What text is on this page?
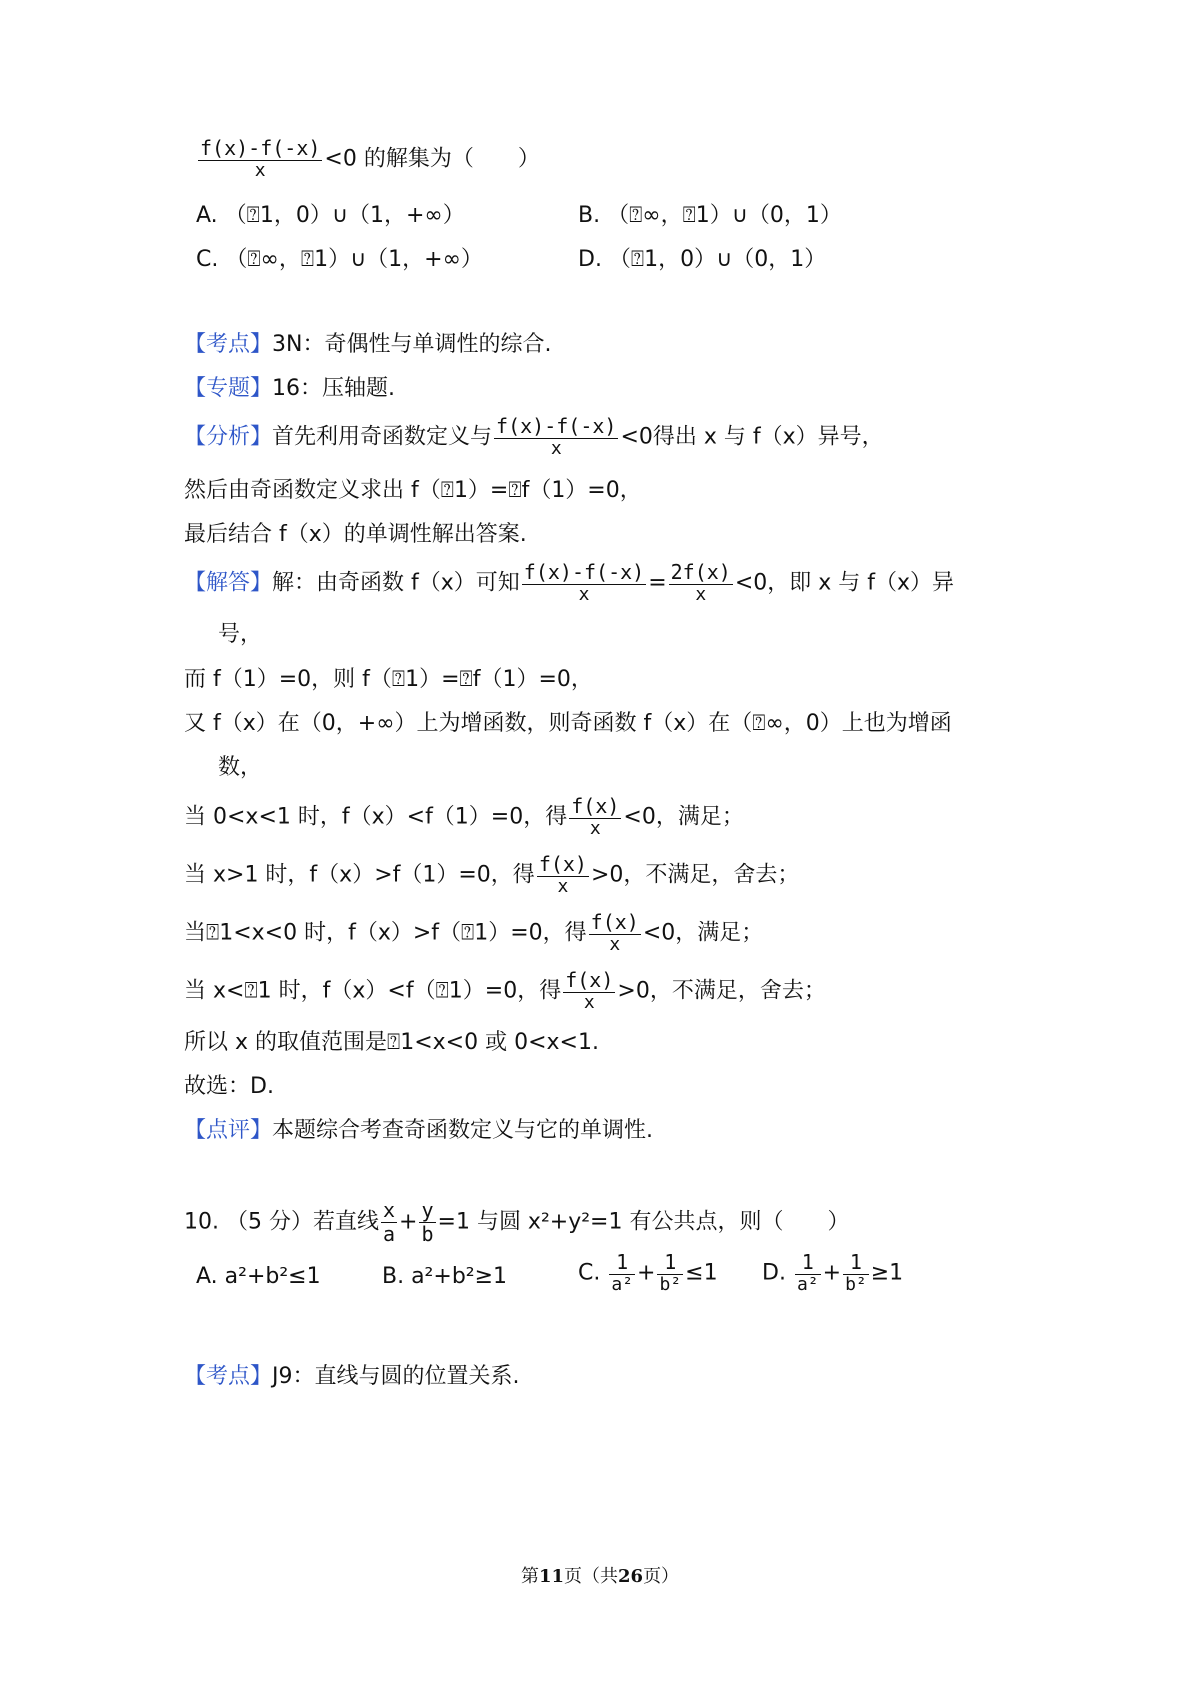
$\frac{f(x)-f(-x)}{x} <0$ 的解集为（　　）
A. （⍰1，0）∪（1，+∞）	B. （⍰∞，⍰1）∪（0，1）
C. （⍰∞，⍰1）∪（1，+∞）	D. （⍰1，0）∪（0，1）
【考点】3N：奇偶性与单调性的综合.
【专题】16：压轴题.
【分析】首先利用奇函数定义与 $\frac{f(x)-f(-x)}{x} <0$得出 x 与 f（x）异号，
然后由奇函数定义求出 f（⍰1）=⍰f（1）=0，
最后结合 f（x）的单调性解出答案.
【解答】解：由奇函数 f（x）可知 $\frac{f(x)-f(-x)}{x} = \frac{2f(x)}{x} <0$，即 x 与 f（x）异
号，
而 f（1）=0，则 f（⍰1）=⍰f（1）=0，
又 f（x）在（0，+∞）上为增函数，则奇函数 f（x）在（⍰∞，0）上也为增函
数，
当 0<x<1 时，f（x）<f（1）=0，得 $\frac{f(x)}{x} <0$，满足；
当 x>1 时，f（x）>f（1）=0，得 $\frac{f(x)}{x} >0$，不满足，舍去；
当⍰1<x<0 时，f（x）>f（⍰1）=0，得 $\frac{f(x)}{x} <0$，满足；
当 x<⍰1 时，f（x）<f（⍰1）=0，得 $\frac{f(x)}{x} >0$，不满足，舍去；
所以 x 的取值范围是⍰1<x<0 或 0<x<1.
故选：D.
【点评】本题综合考查奇函数定义与它的单调性.
10. （5 分）若直线 $\frac{x}{a} + \frac{y}{b} =1$ 与圆 x²+y²=1 有公共点，则（　　）
A. a²+b²≤1	B. a²+b²≥1	C. $\frac{1}{\text{a²}} + \frac{1}{\text{b²}} \le 1$ D. $\frac{1}{\text{a²}} + \frac{1}{\text{b²}} \ge 1$
【考点】J9：直线与圆的位置关系.
第11页（共26页）
